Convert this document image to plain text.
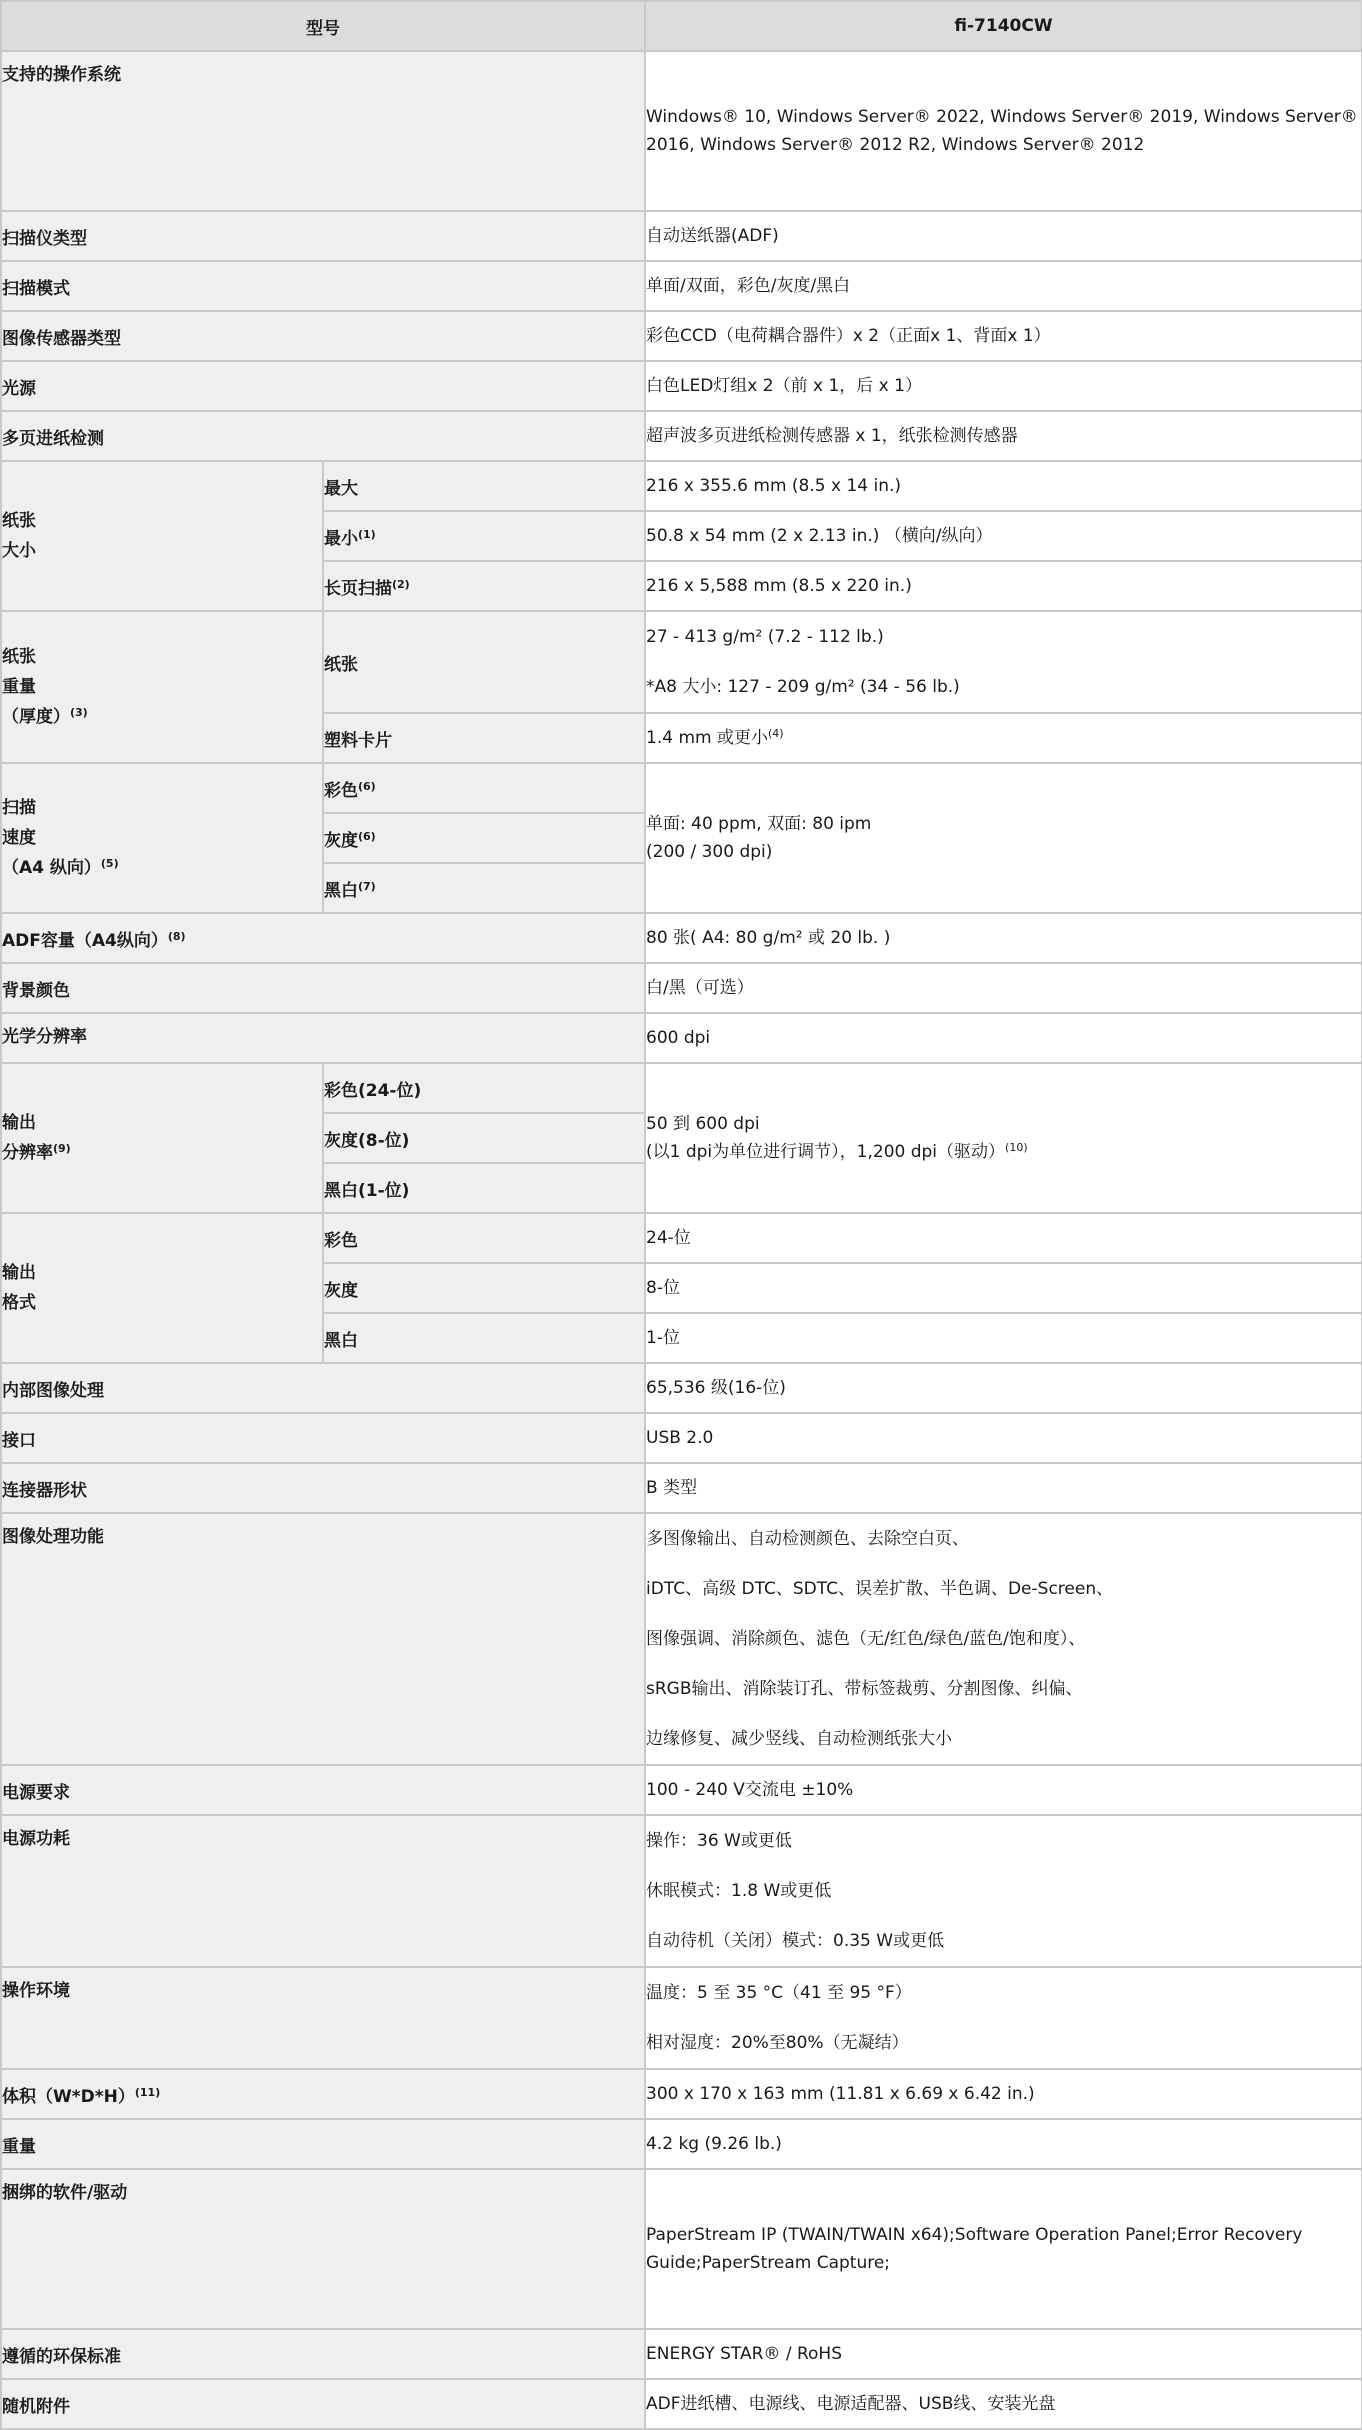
型号		fi-7140CW
支持的操作系统		Windows® 10, Windows Server® 2022, Windows Server® 2019, Windows Server®
2016, Windows Server® 2012 R2, Windows Server® 2012

扫描仪类型		自动送纸器(ADF)
扫描模式		单面/双面，彩色/灰度/黑白
图像传感器类型		彩色CCD（电荷耦合器件）x 2（正面x 1、背面x 1）
光源		白色LED灯组x 2（前 x 1，后 x 1）
多页进纸检测		超声波多页进纸检测传感器 x 1，纸张检测传感器

纸张
大小	最大	216 x 355.6 mm (8.5 x 14 in.)
	最小$^{(1)}$	50.8 x 54 mm (2 x 2.13 in.) （横向/纵向）
	长页扫描$^{(2)}$	216 x 5,588 mm (8.5 x 220 in.)

纸张
重量
（厚度）$^{(3)}$	纸张	27 - 413 g/m² (7.2 - 112 lb.)
*A8 大小: 127 - 209 g/m² (34 - 56 lb.)

	塑料卡片	1.4 mm 或更小$^{(4)}$

扫描
速度
（A4 纵向）$^{(5)}$	彩色$^{(6)}$	单面: 40 ppm, 双面: 80 ipm
(200 / 300 dpi)

	灰度$^{(6)}$
	黑白$^{(7)}$
ADF容量（A4纵向）$^{(8)}$		80 张( A4: 80 g/m² 或 20 lb. )
背景颜色		白/黑（可选）
光学分辨率		600 dpi

输出
分辨率$^{(9)}$	彩色(24-位)	50 到 600 dpi
(以1 dpi为单位进行调节），1,200 dpi（驱动）$^{(10)}$

	灰度(8-位)	
	黑白(1-位)	

输出
格式	彩色	24-位
	灰度	8-位
	黑白	1-位
内部图像处理		65,536 级(16-位)
接口		USB 2.0
连接器形状		B 类型
图像处理功能		多图像输出、自动检测颜色、去除空白页、
iDTC、高级 DTC、SDTC、误差扩散、半色调、De-Screen、
图像强调、消除颜色、滤色（无/红色/绿色/蓝色/饱和度）、
sRGB输出、消除装订孔、带标签裁剪、分割图像、纠偏、
边缘修复、减少竖线、自动检测纸张大小

电源要求		100 - 240 V交流电 ±10%
电源功耗		操作：36 W或更低
休眠模式：1.8 W或更低
自动待机（关闭）模式：0.35 W或更低

操作环境		温度：5 至 35 °C（41 至 95 °F）
相对湿度：20%至80%（无凝结）

体积$(W*D*H)^{(11)}$		300 x 170 x 163 mm (11.81 x 6.69 x 6.42 in.)
重量		4.2 kg (9.26 lb.)
捆绑的软件/驱动		PaperStream IP (TWAIN/TWAIN x64);Software Operation Panel;Error Recovery
Guide;PaperStream Capture;

遵循的环保标准		ENERGY STAR® / RoHS
随机附件		ADF进纸槽、电源线、电源适配器、USB线、安装光盘
